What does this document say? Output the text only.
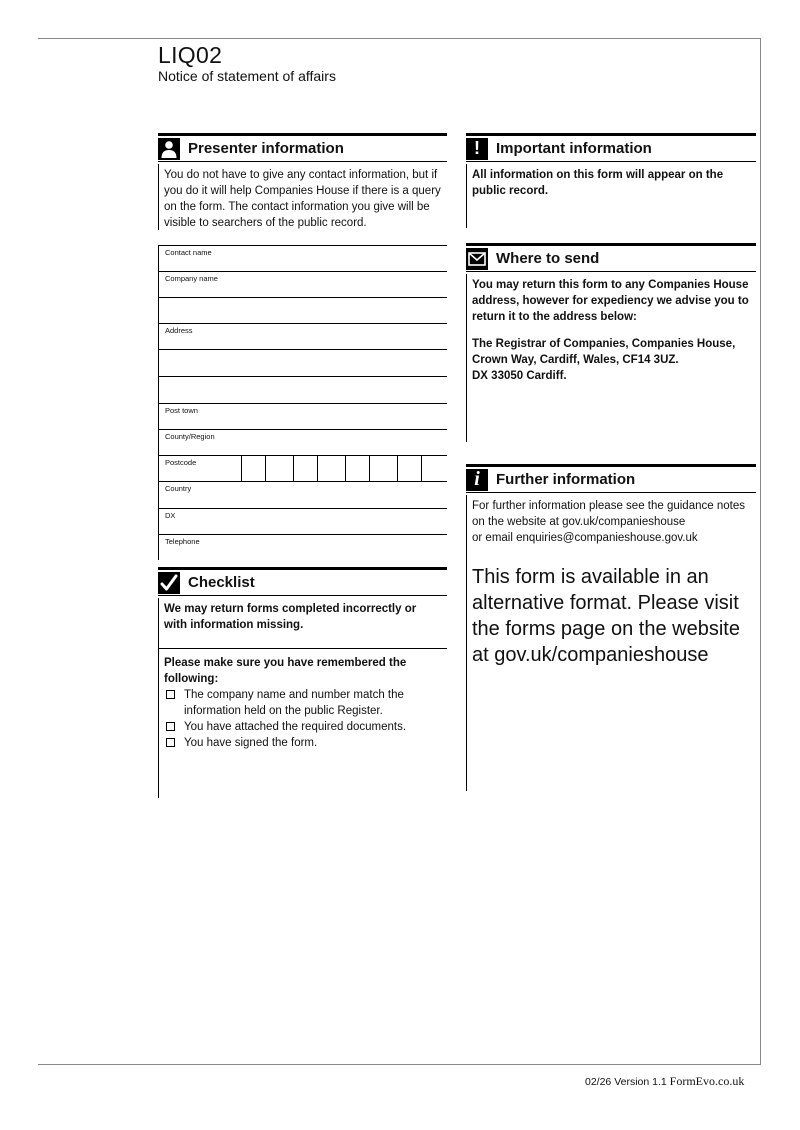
LIQ02
Notice of statement of affairs
Presenter information
You do not have to give any contact information, but if you do it will help Companies House if there is a query on the form. The contact information you give will be visible to searchers of the public record.
Contact name
Company name
Address
Post town
County/Region
Postcode
Country
DX
Telephone
Checklist
We may return forms completed incorrectly or with information missing.
Please make sure you have remembered the following:
The company name and number match the information held on the public Register.
You have attached the required documents.
You have signed the form.
!	Important information
All information on this form will appear on the public record.
Where to send
You may return this form to any Companies House address, however for expediency we advise you to return it to the address below:
The Registrar of Companies, Companies House,
Crown Way, Cardiff, Wales, CF14 3UZ.
DX 33050 Cardiff.
i	Further information
For further information please see the guidance notes
on the website at gov.uk/companieshouse
or email enquiries@companieshouse.gov.uk
This form is available in an alternative format. Please visit the forms page on the website at gov.uk/companieshouse
02/26 Version 1.1 FormEvo.co.uk
